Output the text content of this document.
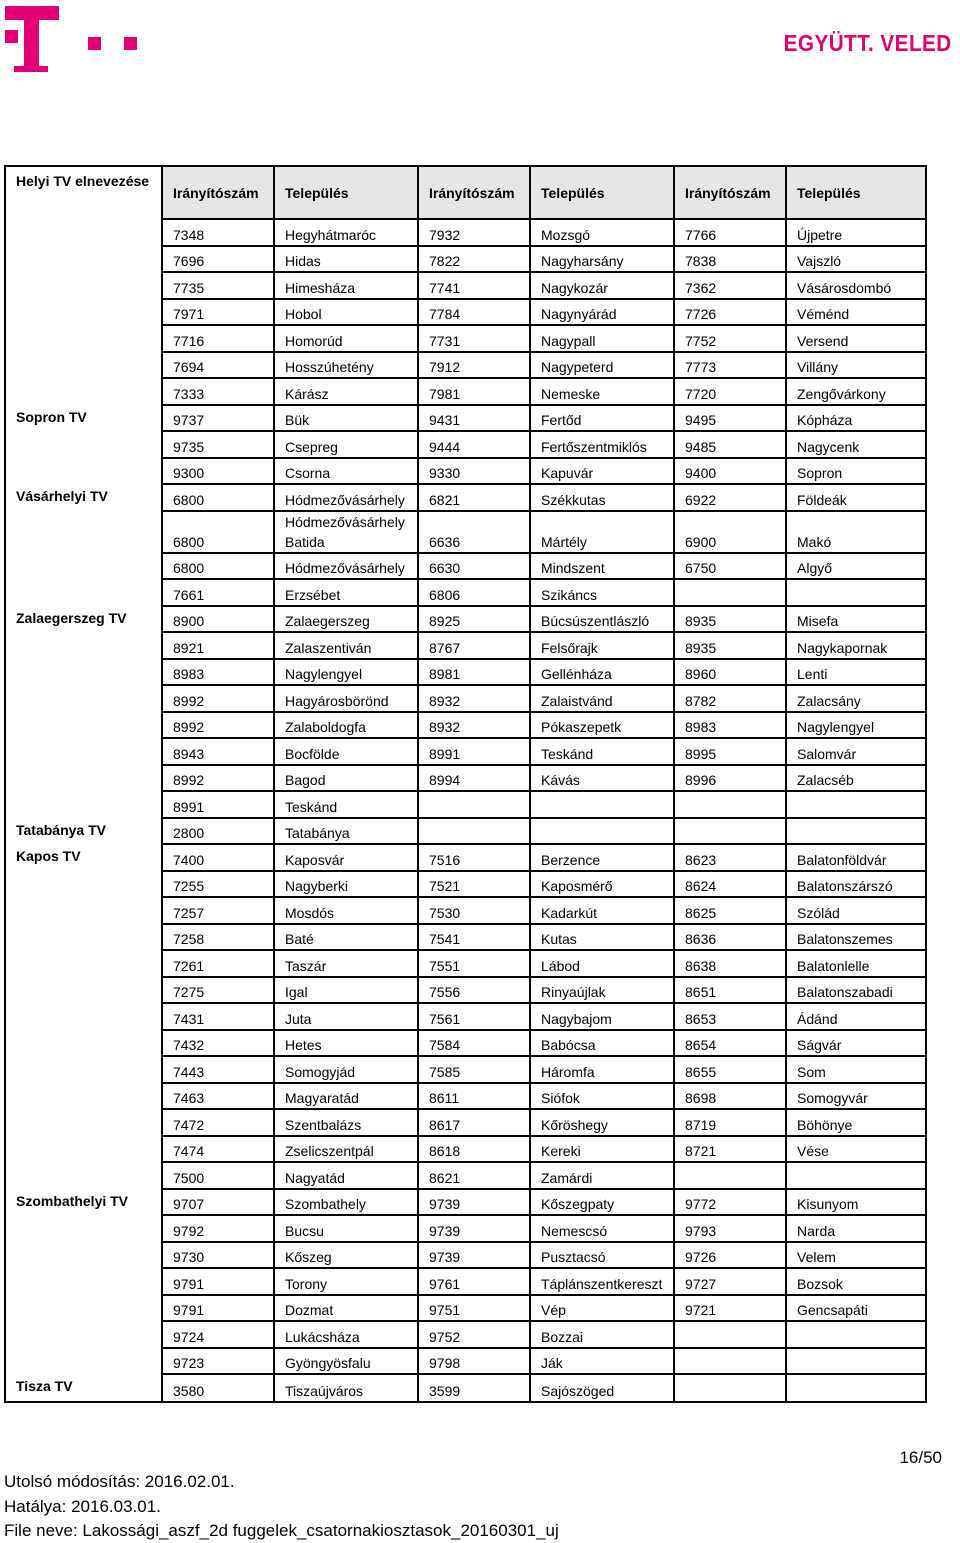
EGYÜTT. VELED
Helyi TV elnevezése	Irányítószám	Település	Irányítószám	Település	Irányítószám	Település
	7348	Hegyhátmaróc	7932	Mozsgó	7766	Újpetre
	7696	Hidas	7822	Nagyharsány	7838	Vajszló
	7735	Himesháza	7741	Nagykozár	7362	Vásárosdombó
	7971	Hobol	7784	Nagynyárád	7726	Véménd
	7716	Homorúd	7731	Nagypall	7752	Versend
	7694	Hosszúhetény	7912	Nagypeterd	7773	Villány
	7333	Kárász	7981	Nemeske	7720	Zengővárkony
Sopron TV	9737	Bük	9431	Fertőd	9495	Kópháza
	9735	Csepreg	9444	Fertőszentmiklós	9485	Nagycenk
	9300	Csorna	9330	Kapuvár	9400	Sopron
Vásárhelyi TV	6800	Hódmezővásárhely	6821	Székkutas	6922	Földeák
	6800	Hódmezővásárhely Batida	6636	Mártély	6900	Makó
	6800	Hódmezővásárhely	6630	Mindszent	6750	Algyő
	7661	Erzsébet	6806	Szikáncs		
Zalaegerszeg TV	8900	Zalaegerszeg	8925	Búcsúszentlászló	8935	Misefa
	8921	Zalaszentiván	8767	Felsőrajk	8935	Nagykapornak
	8983	Nagylengyel	8981	Gellénháza	8960	Lenti
	8992	Hagyárosbörönd	8932	Zalaistvánd	8782	Zalacsány
	8992	Zalaboldogfa	8932	Pókaszepetk	8983	Nagylengyel
	8943	Bocfölde	8991	Teskánd	8995	Salomvár
	8992	Bagod	8994	Kávás	8996	Zalacséb
	8991	Teskánd				
Tatabánya TV	2800	Tatabánya				
Kapos TV	7400	Kaposvár	7516	Berzence	8623	Balatonföldvár
	7255	Nagyberki	7521	Kaposmérő	8624	Balatonszárszó
	7257	Mosdós	7530	Kadarkút	8625	Szólád
	7258	Baté	7541	Kutas	8636	Balatonszemes
	7261	Taszár	7551	Lábod	8638	Balatonlelle
	7275	Igal	7556	Rinyaújlak	8651	Balatonszabadi
	7431	Juta	7561	Nagybajom	8653	Ádánd
	7432	Hetes	7584	Babócsa	8654	Ságvár
	7443	Somogyjád	7585	Háromfa	8655	Som
	7463	Magyaratád	8611	Siófok	8698	Somogyvár
	7472	Szentbalázs	8617	Kőröshegy	8719	Böhönye
	7474	Zselicszentpál	8618	Kereki	8721	Vése
	7500	Nagyatád	8621	Zamárdi		
Szombathelyi TV	9707	Szombathely	9739	Kőszegpaty	9772	Kisunyom
	9792	Bucsu	9739	Nemescsó	9793	Narda
	9730	Kőszeg	9739	Pusztacsó	9726	Velem
	9791	Torony	9761	Táplánszentkereszt	9727	Bozsok
	9791	Dozmat	9751	Vép	9721	Gencsapáti
	9724	Lukácsháza	9752	Bozzai		
	9723	Gyöngyösfalu	9798	Ják		
Tisza TV	3580	Tiszaújváros	3599	Sajószöged		
16/50
Utolsó módosítás: 2016.02.01.
Hatálya: 2016.03.01.
File neve: Lakossági_aszf_2d fuggelek_csatornakiosztasok_20160301_uj
